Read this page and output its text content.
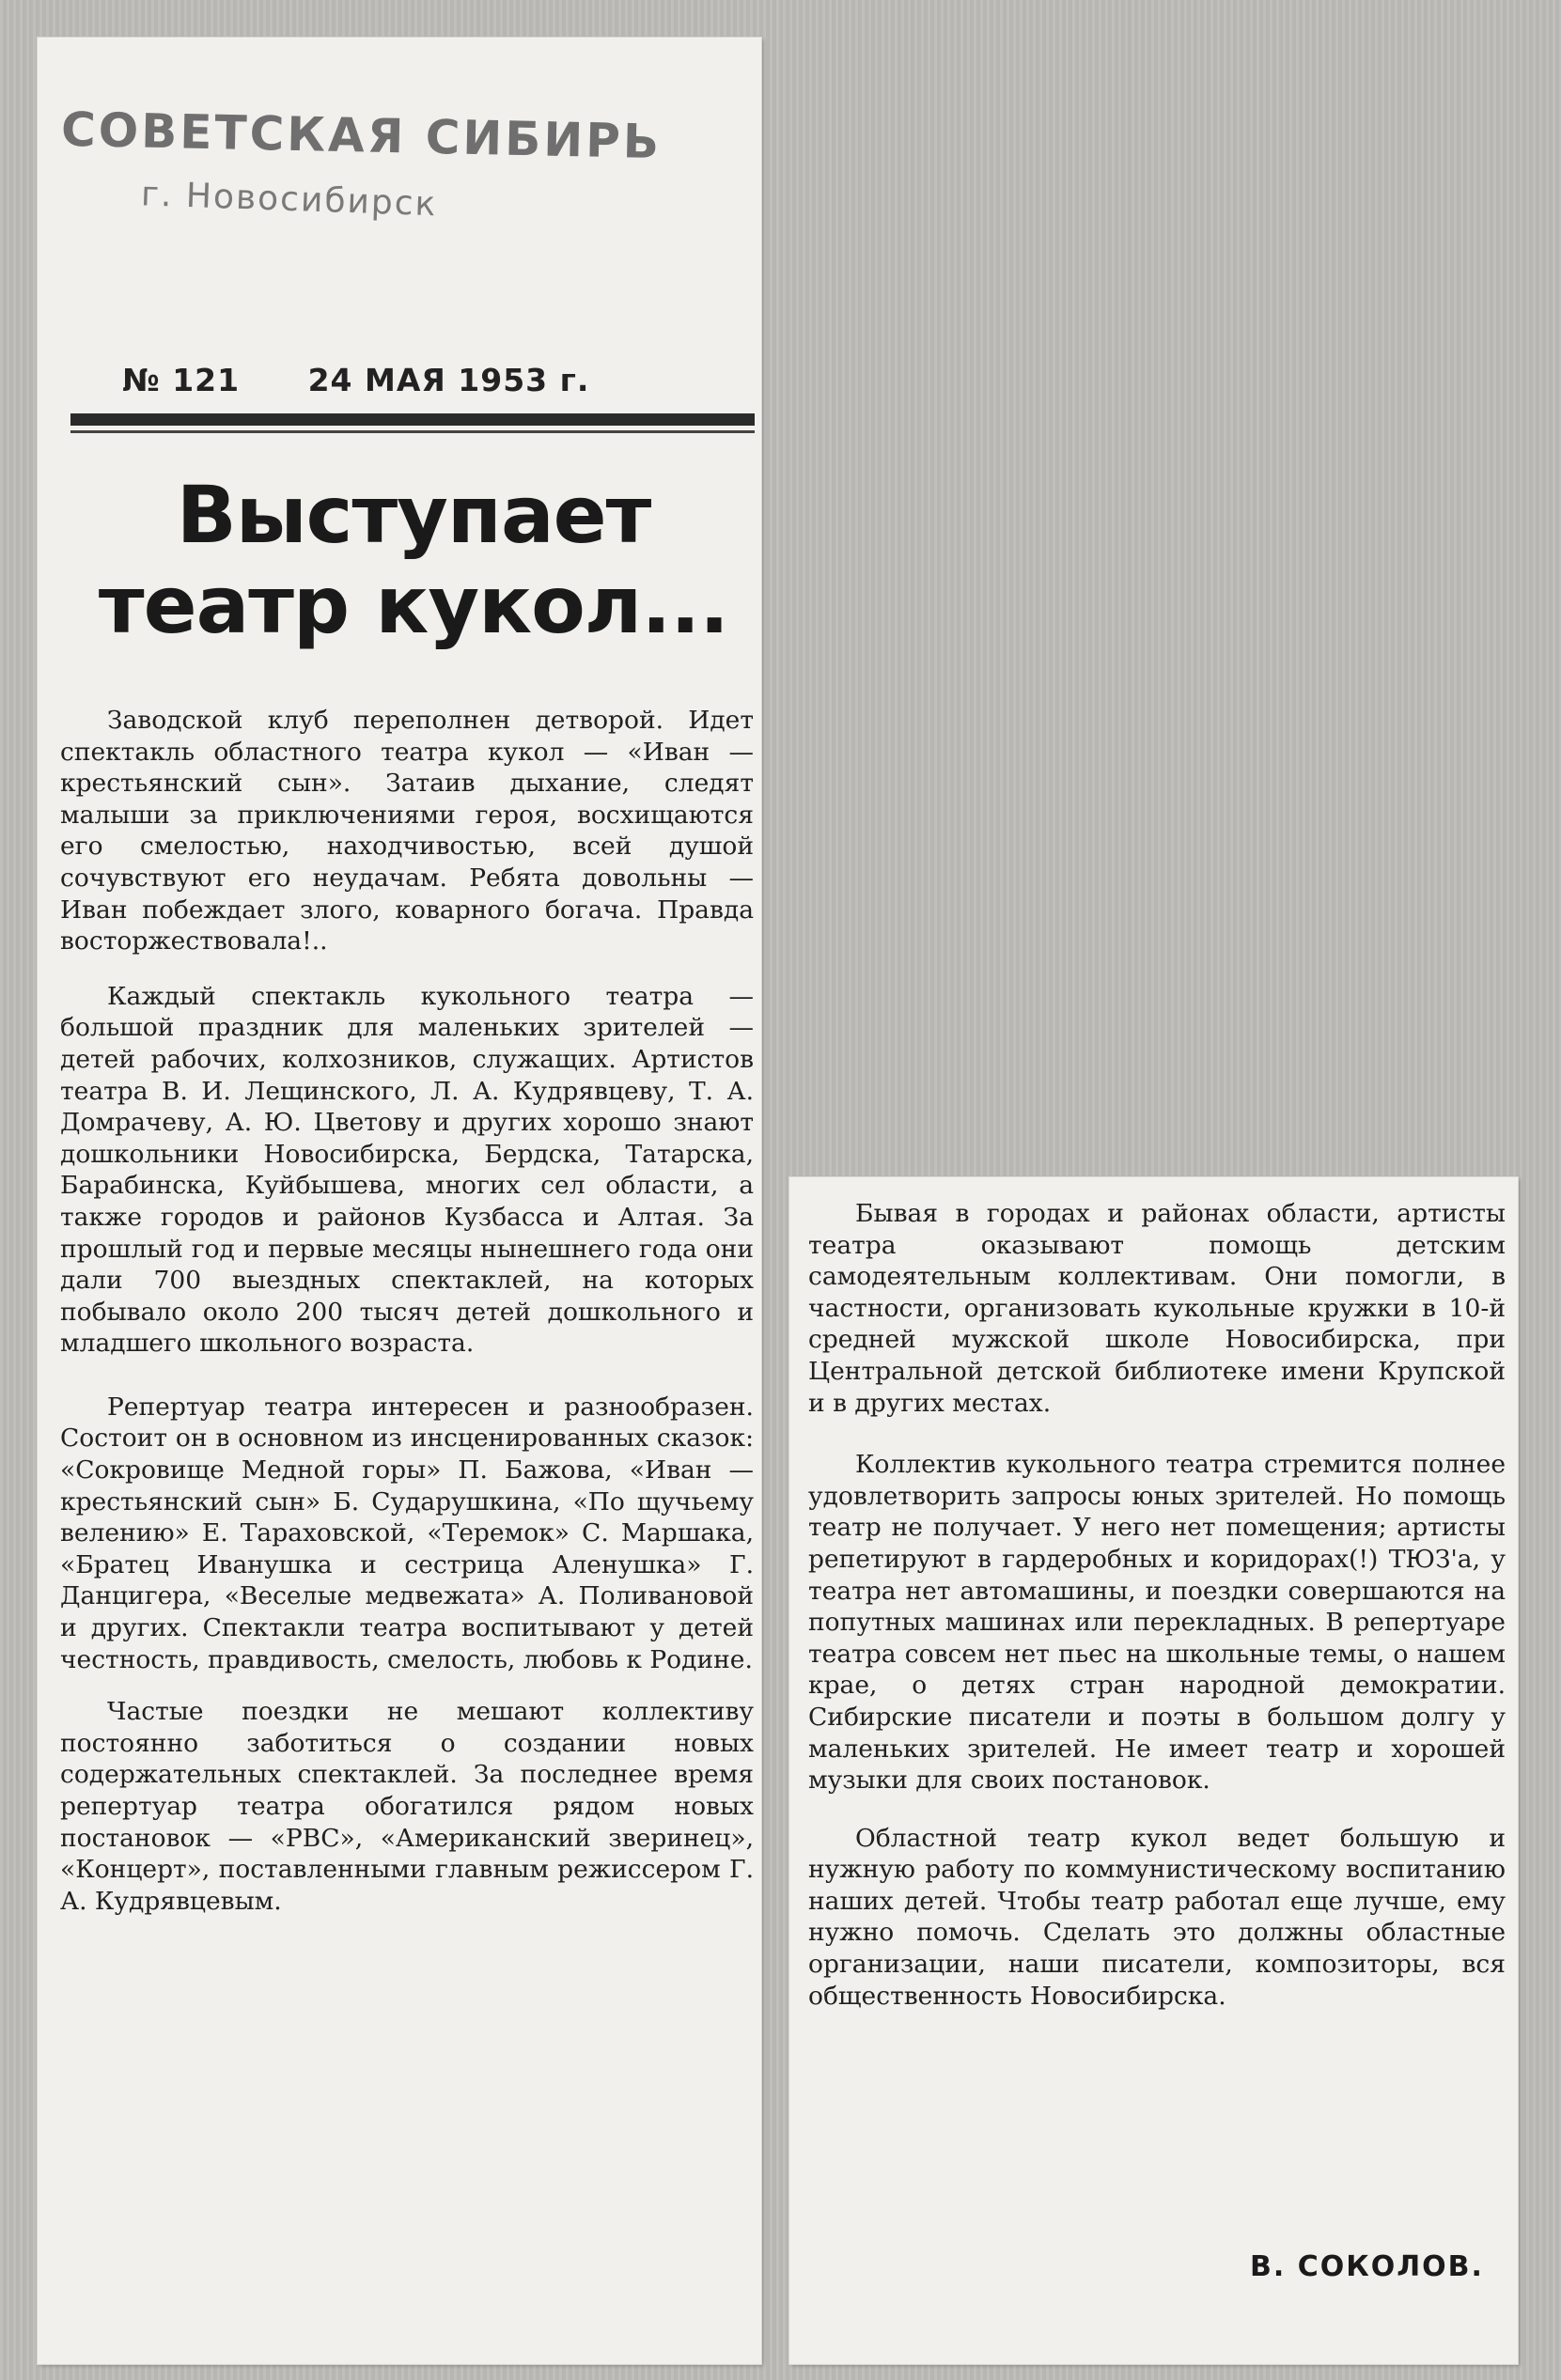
СОВЕТСКАЯ СИБИРЬ
г. Новосибирск
№ 121 24 МАЯ 1953 г.
Выступает театр кукол...

Заводской клуб переполнен детворой. Идет спектакль областного театра кукол — «Иван — крестьянский сын». Затаив дыхание, следят малыши за приключениями героя, восхищаются его смелостью, находчивостью, всей душой сочувствуют его неудачам. Ребята довольны — Иван побеждает злого, коварного богача. Правда восторжествовала!..

Каждый спектакль кукольного театра — большой праздник для маленьких зрителей — детей рабочих, колхозников, служащих. Артистов театра В. И. Лещинского, Л. А. Кудрявцеву, Т. А. Домрачеву, А. Ю. Цветову и других хорошо знают дошкольники Новосибирска, Бердска, Татарска, Барабинска, Куйбышева, многих сел области, а также городов и районов Кузбасса и Алтая. За прошлый год и первые месяцы нынешнего года они дали 700 выездных спектаклей, на которых побывало около 200 тысяч детей дошкольного и младшего школьного возраста.

Репертуар театра интересен и разнообразен. Состоит он в основном из инсценированных сказок: «Сокровище Медной горы» П. Бажова, «Иван — крестьянский сын» Б. Сударушкина, «По щучьему велению» Е. Тараховской, «Теремок» С. Маршака, «Братец Иванушка и сестрица Аленушка» Г. Данцигера, «Веселые медвежата» А. Поливановой и других. Спектакли театра воспитывают у детей честность, правдивость, смелость, любовь к Родине.

Частые поездки не мешают коллективу постоянно заботиться о создании новых содержательных спектаклей. За последнее время репертуар театра обогатился рядом новых постановок — «РВС», «Американский зверинец», «Концерт», поставленными главным режиссером Г. А. Кудрявцевым.

Бывая в городах и районах области, артисты театра оказывают помощь детским самодеятельным коллективам. Они помогли, в частности, организовать кукольные кружки в 10-й средней мужской школе Новосибирска, при Центральной детской библиотеке имени Крупской и в других местах.

Коллектив кукольного театра стремится полнее удовлетворить запросы юных зрителей. Но помощь театр не получает. У него нет помещения; артисты репетируют в гардеробных и коридорах(!) ТЮЗ'а, у театра нет автомашины, и поездки совершаются на попутных машинах или перекладных. В репертуаре театра совсем нет пьес на школьные темы, о нашем крае, о детях стран народной демократии. Сибирские писатели и поэты в большом долгу у маленьких зрителей. Не имеет театр и хорошей музыки для своих постановок.

Областной театр кукол ведет большую и нужную работу по коммунистическому воспитанию наших детей. Чтобы театр работал еще лучше, ему нужно помочь. Сделать это должны областные организации, наши писатели, композиторы, вся общественность Новосибирска.

В. СОКОЛОВ.
